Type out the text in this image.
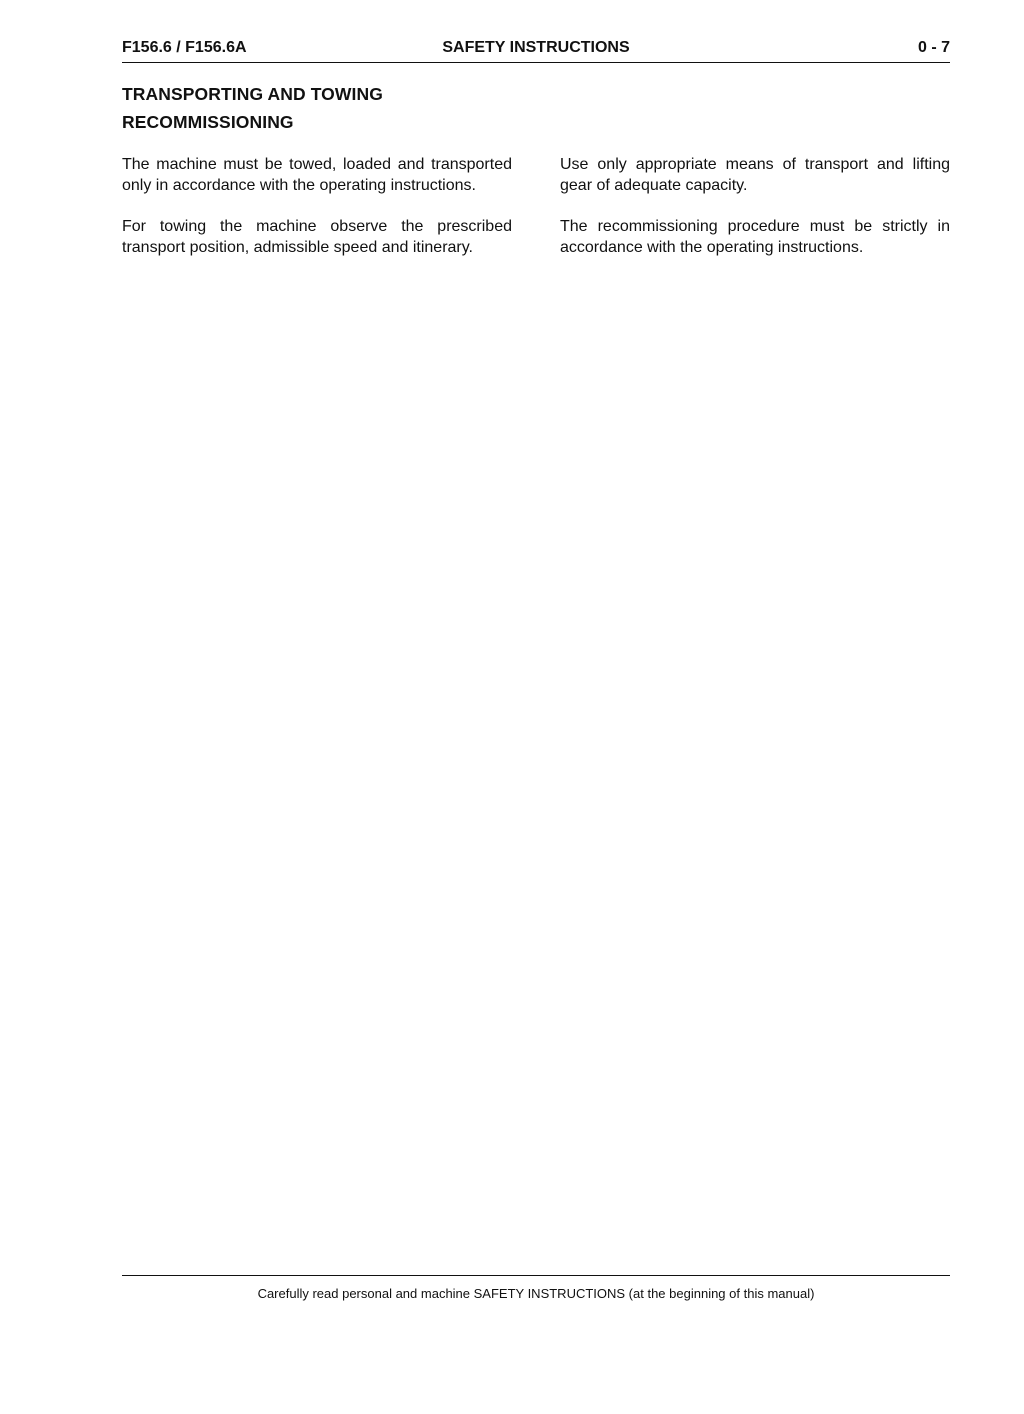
SAFETY INSTRUCTIONS
F156.6 / F156.6A	0 - 7
TRANSPORTING AND TOWING
RECOMMISSIONING

The machine must be towed, loaded and transported only in accordance with the operating instructions.

For towing the machine observe the prescribed transport position, admissible speed and itinerary.

Use only appropriate means of transport and lifting gear of adequate capacity.

The recommissioning procedure must be strictly in accordance with the operating instructions.

Carefully read personal and machine SAFETY INSTRUCTIONS (at the beginning of this manual)
